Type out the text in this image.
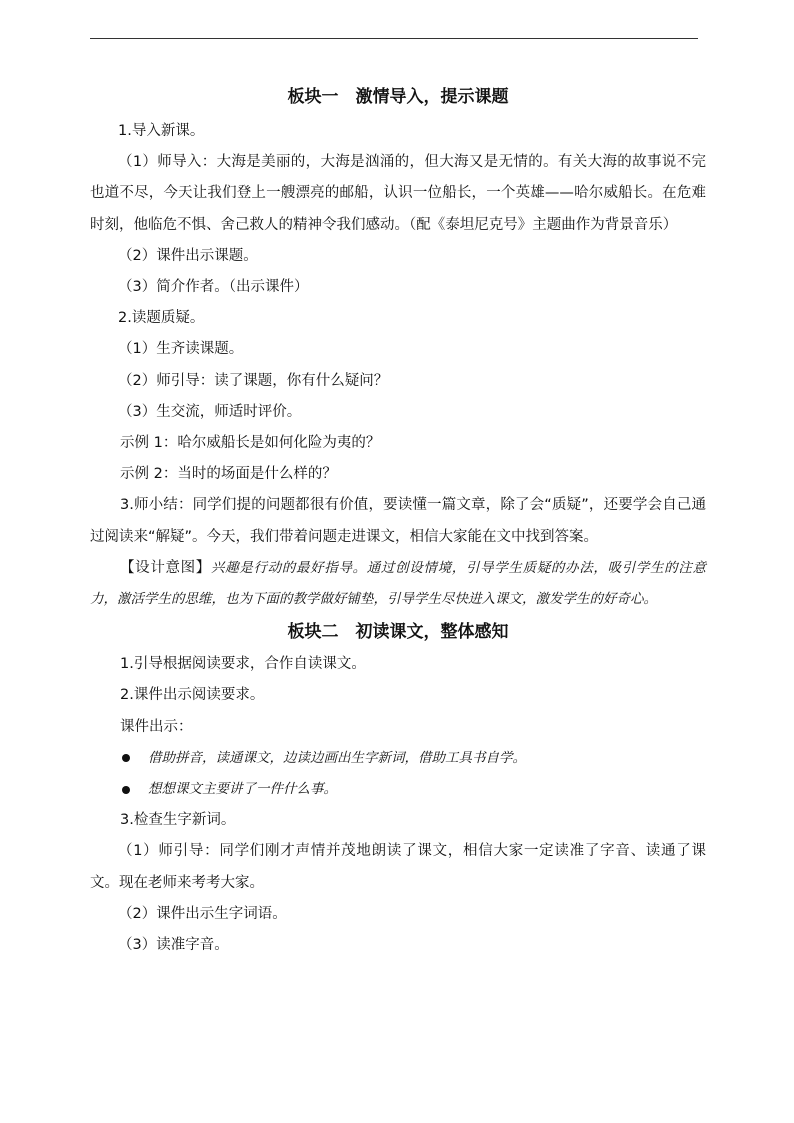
板块一　激情导入，提示课题

1.导入新课。

（1）师导入：大海是美丽的，大海是汹涌的，但大海又是无情的。有关大海的故事说不完也道不尽，今天让我们登上一艘漂亮的邮船，认识一位船长，一个英雄——哈尔威船长。在危难时刻，他临危不惧、舍己救人的精神令我们感动。（配《泰坦尼克号》主题曲作为背景音乐）

（2）课件出示课题。

（3）简介作者。（出示课件）

2.读题质疑。

（1）生齐读课题。

（2）师引导：读了课题，你有什么疑问？

（3）生交流，师适时评价。

示例 1：哈尔威船长是如何化险为夷的？

示例 2：当时的场面是什么样的？

3.师小结：同学们提的问题都很有价值，要读懂一篇文章，除了会“质疑”，还要学会自己通过阅读来“解疑”。今天，我们带着问题走进课文，相信大家能在文中找到答案。

【设计意图】兴趣是行动的最好指导。通过创设情境，引导学生质疑的办法，吸引学生的注意力，激活学生的思维，也为下面的教学做好铺垫，引导学生尽快进入课文，激发学生的好奇心。

板块二　初读课文，整体感知

1.引导根据阅读要求，合作自读课文。

2.课件出示阅读要求。

课件出示：

借助拼音，读通课文，边读边画出生字新词，借助工具书自学。
想想课文主要讲了一件什么事。

3.检查生字新词。

（1）师引导：同学们刚才声情并茂地朗读了课文，相信大家一定读准了字音、读通了课文。现在老师来考考大家。

（2）课件出示生字词语。

（3）读准字音。
